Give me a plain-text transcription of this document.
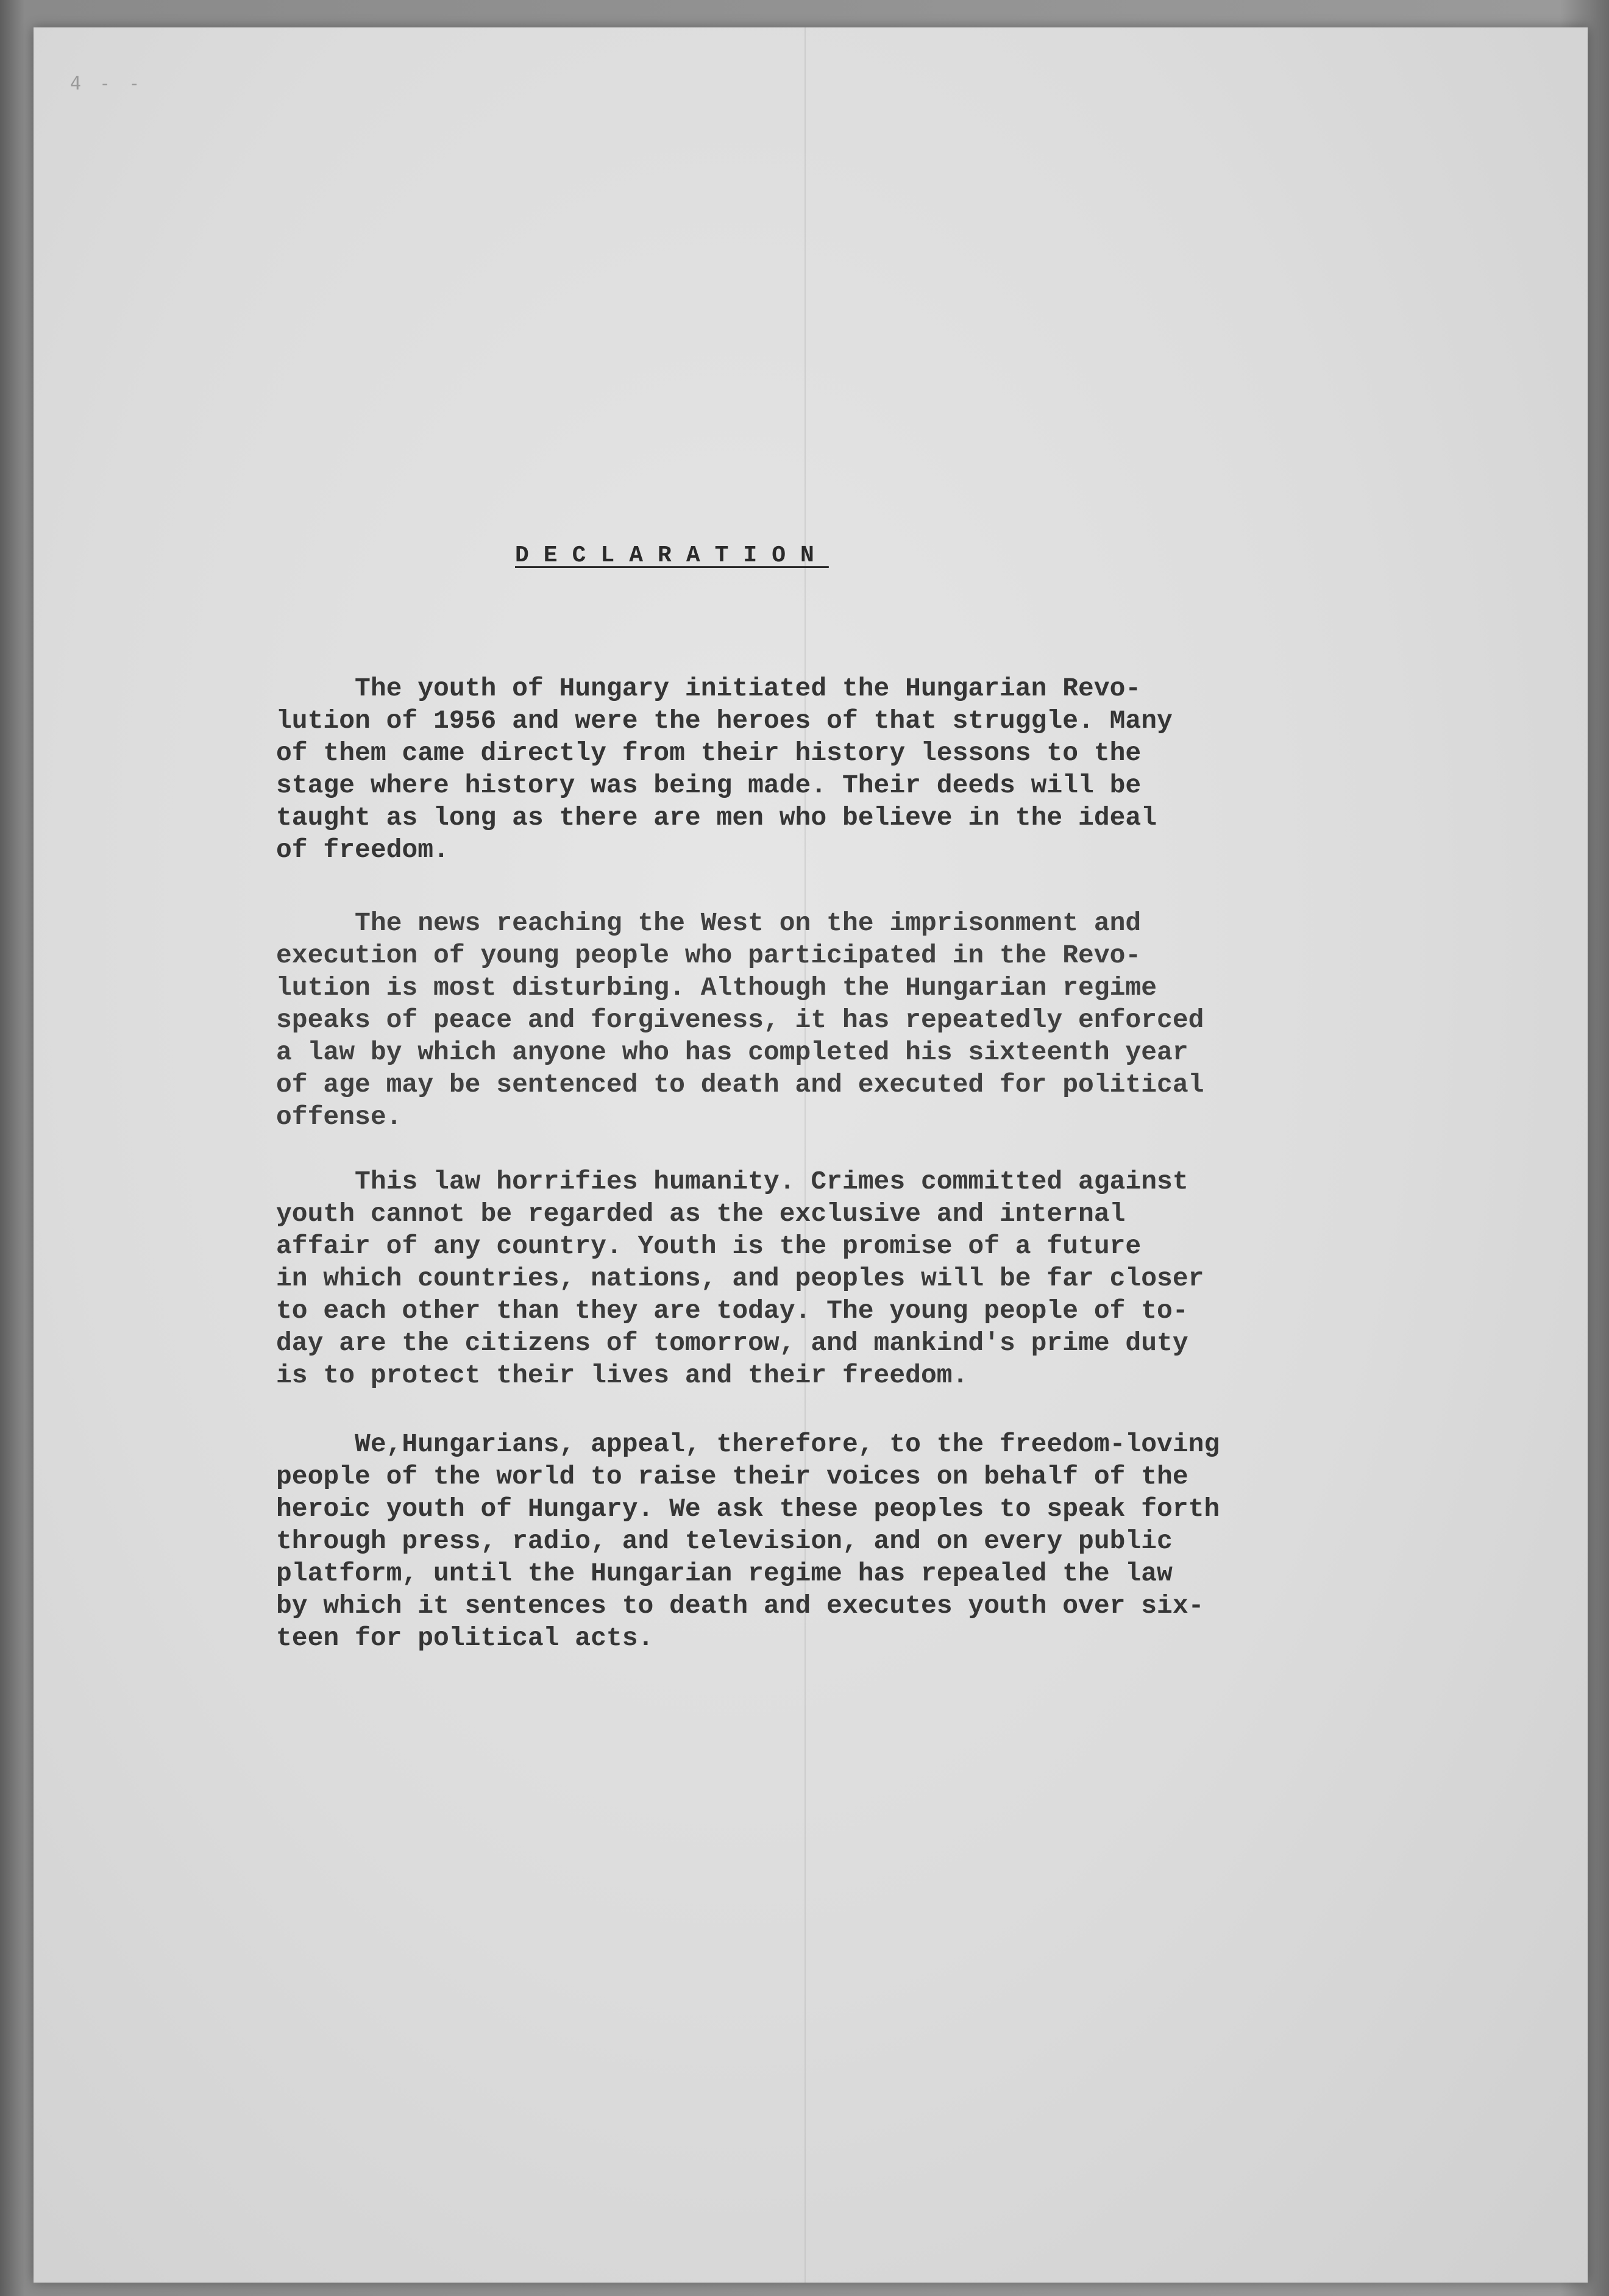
4 - -
DECLARATION

The youth of Hungary initiated the Hungarian Revo-
lution of 1956 and were the heroes of that struggle. Many
of them came directly from their history lessons to the
stage where history was being made. Their deeds will be
taught as long as there are men who believe in the ideal
of freedom.

The news reaching the West on the imprisonment and
execution of young people who participated in the Revo-
lution is most disturbing. Although the Hungarian regime
speaks of peace and forgiveness, it has repeatedly enforced
a law by which anyone who has completed his sixteenth year
of age may be sentenced to death and executed for political
offense.

This law horrifies humanity. Crimes committed against
youth cannot be regarded as the exclusive and internal
affair of any country. Youth is the promise of a future
in which countries, nations, and peoples will be far closer
to each other than they are today. The young people of to-
day are the citizens of tomorrow, and mankind's prime duty
is to protect their lives and their freedom.

We,Hungarians, appeal, therefore, to the freedom-loving
people of the world to raise their voices on behalf of the
heroic youth of Hungary. We ask these peoples to speak forth
through press, radio, and television, and on every public
platform, until the Hungarian regime has repealed the law
by which it sentences to death and executes youth over six-
teen for political acts.
